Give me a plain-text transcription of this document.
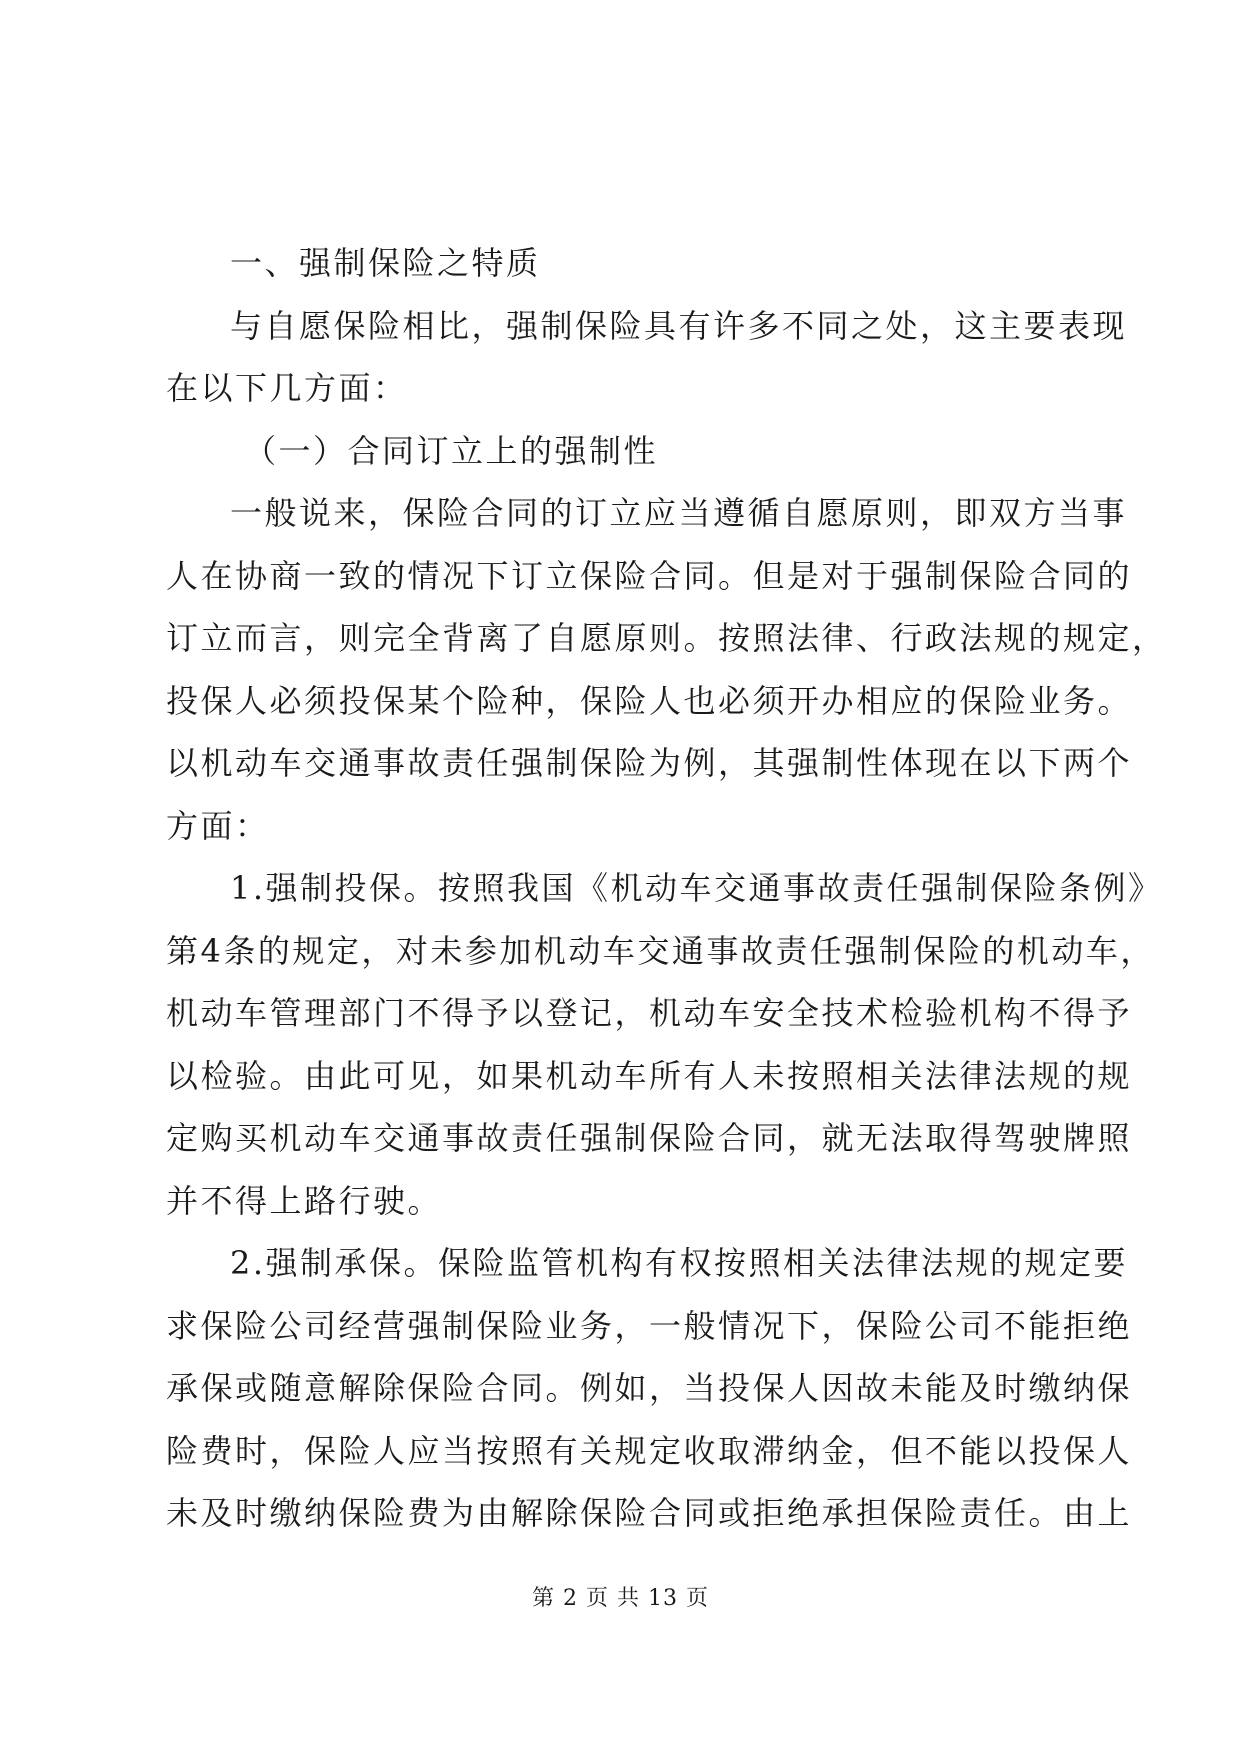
一、强制保险之特质
与自愿保险相比，强制保险具有许多不同之处，这主要表现
在以下几方面：
（一）合同订立上的强制性
一般说来，保险合同的订立应当遵循自愿原则，即双方当事
人在协商一致的情况下订立保险合同。但是对于强制保险合同的
订立而言，则完全背离了自愿原则。按照法律、行政法规的规定，
投保人必须投保某个险种，保险人也必须开办相应的保险业务。
以机动车交通事故责任强制保险为例，其强制性体现在以下两个
方面：
1.强制投保。按照我国《机动车交通事故责任强制保险条例》
第4条的规定，对未参加机动车交通事故责任强制保险的机动车，
机动车管理部门不得予以登记，机动车安全技术检验机构不得予
以检验。由此可见，如果机动车所有人未按照相关法律法规的规
定购买机动车交通事故责任强制保险合同，就无法取得驾驶牌照
并不得上路行驶。
2.强制承保。保险监管机构有权按照相关法律法规的规定要
求保险公司经营强制保险业务，一般情况下，保险公司不能拒绝
承保或随意解除保险合同。例如，当投保人因故未能及时缴纳保
险费时，保险人应当按照有关规定收取滞纳金，但不能以投保人
未及时缴纳保险费为由解除保险合同或拒绝承担保险责任。由上
第 2 页 共 13 页
